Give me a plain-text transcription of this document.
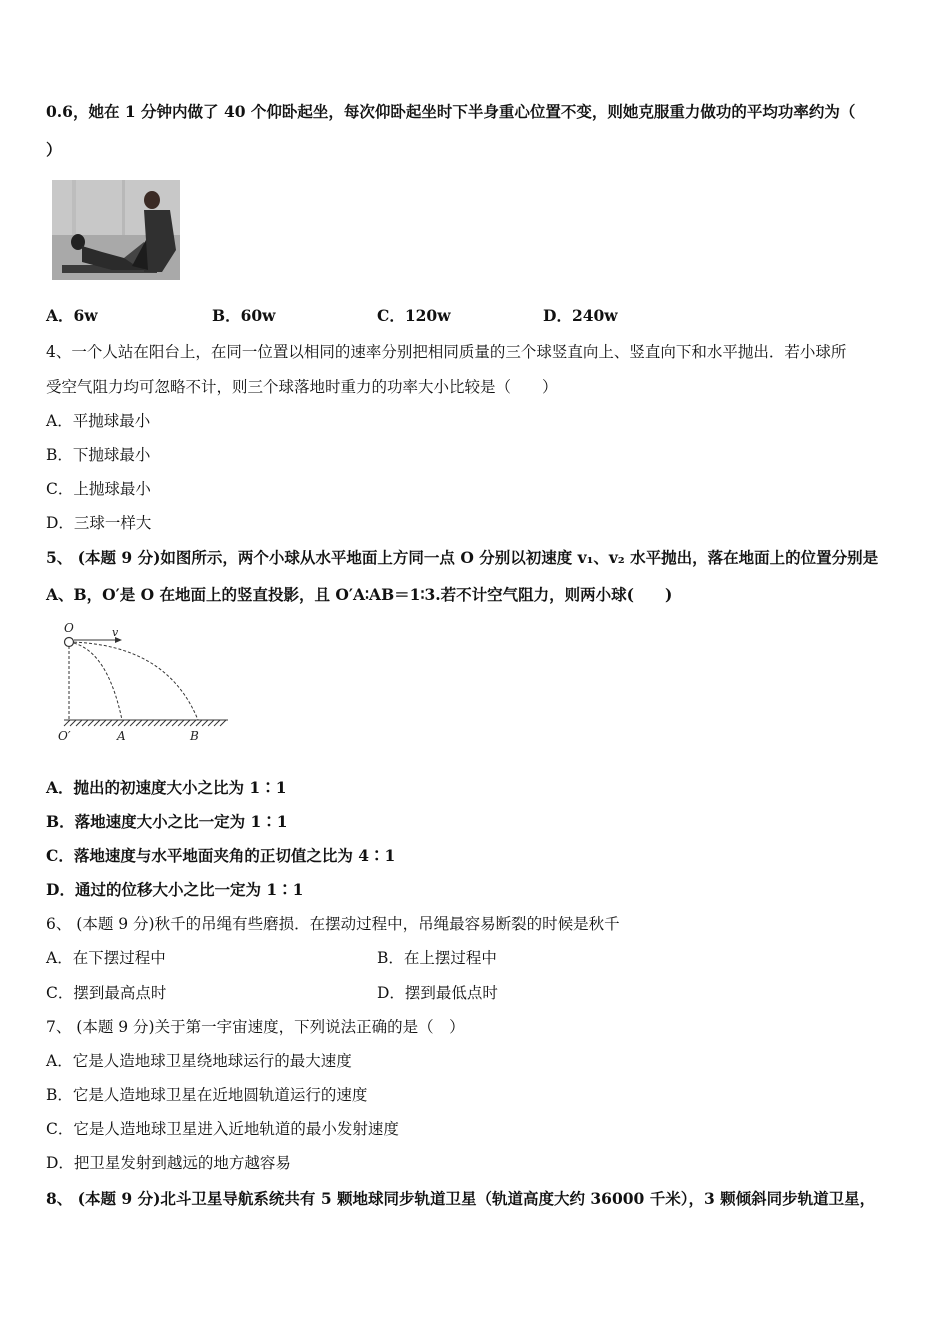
0.6，她在 1 分钟内做了 40 个仰卧起坐，每次仰卧起坐时下半身重心位置不变，则她克服重力做功的平均功率约为（
）
A．6w	B．60w	C．120w	D．240w
4、一个人站在阳台上，在同一位置以相同的速率分别把相同质量的三个球竖直向上、竖直向下和水平抛出．若小球所
受空气阻力均可忽略不计，则三个球落地时重力的功率大小比较是（　　）
A．平抛球最小
B．下抛球最小
C．上抛球最小
D．三球一样大
5、 (本题 9 分)如图所示，两个小球从水平地面上方同一点 O 分别以初速度 v₁、v₂ 水平抛出，落在地面上的位置分别是
A、B，O′是 O 在地面上的竖直投影，且 O′A∶AB＝1∶3.若不计空气阻力，则两小球(　　)
O	v
O′	A	B
A．抛出的初速度大小之比为 1∶1
B．落地速度大小之比一定为 1∶1
C．落地速度与水平地面夹角的正切值之比为 4∶1
D．通过的位移大小之比一定为 1∶1
6、 (本题 9 分)秋千的吊绳有些磨损．在摆动过程中，吊绳最容易断裂的时候是秋千
A．在下摆过程中	B．在上摆过程中
C．摆到最高点时	D．摆到最低点时
7、 (本题 9 分)关于第一宇宙速度，下列说法正确的是（　）
A．它是人造地球卫星绕地球运行的最大速度
B．它是人造地球卫星在近地圆轨道运行的速度
C．它是人造地球卫星进入近地轨道的最小发射速度
D．把卫星发射到越远的地方越容易
8、 (本题 9 分)北斗卫星导航系统共有 5 颗地球同步轨道卫星（轨道高度大约 36000 千米），3 颗倾斜同步轨道卫星，
